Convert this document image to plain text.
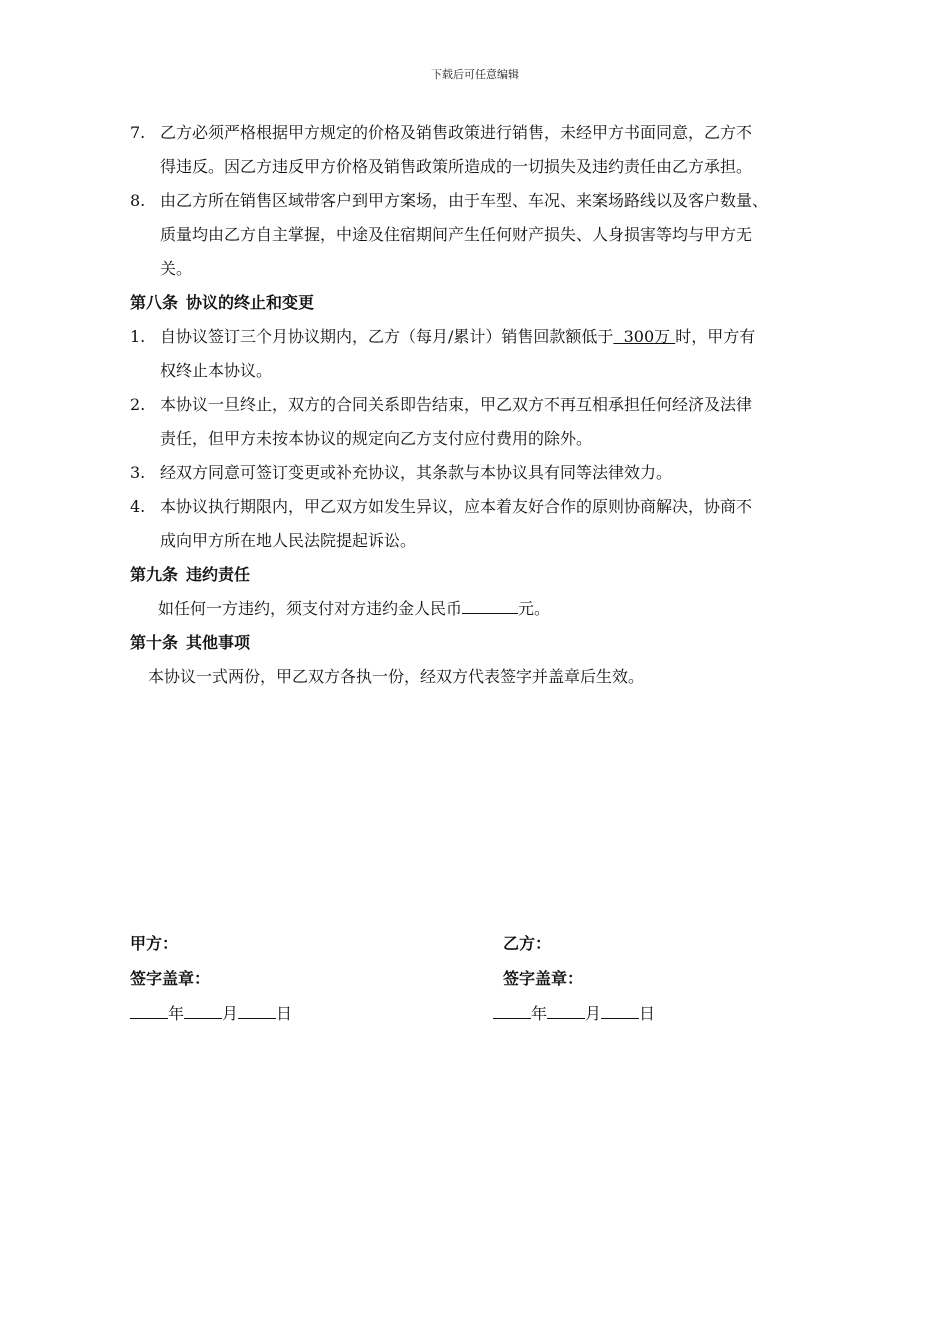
下载后可任意编辑
7. 乙方必须严格根据甲方规定的价格及销售政策进行销售，未经甲方书面同意，乙方不
得违反。因乙方违反甲方价格及销售政策所造成的一切损失及违约责任由乙方承担。
8. 由乙方所在销售区域带客户到甲方案场，由于车型、车况、来案场路线以及客户数量、
质量均由乙方自主掌握，中途及住宿期间产生任何财产损失、人身损害等均与甲方无
关。
第八条 协议的终止和变更
1. 自协议签订三个月协议期内，乙方（每月/累计）销售回款额低于  300万 时，甲方有
权终止本协议。
2. 本协议一旦终止，双方的合同关系即告结束，甲乙双方不再互相承担任何经济及法律
责任，但甲方未按本协议的规定向乙方支付应付费用的除外。
3. 经双方同意可签订变更或补充协议，其条款与本协议具有同等法律效力。
4. 本协议执行期限内，甲乙双方如发生异议，应本着友好合作的原则协商解决，协商不
成向甲方所在地人民法院提起诉讼。
第九条 违约责任
如任何一方违约，须支付对方违约金人民币	元。
第十条 其他事项
本协议一式两份，甲乙双方各执一份，经双方代表签字并盖章后生效。
甲方：
签字盖章：
年 月 日
乙方：
签字盖章：
年 月 日
